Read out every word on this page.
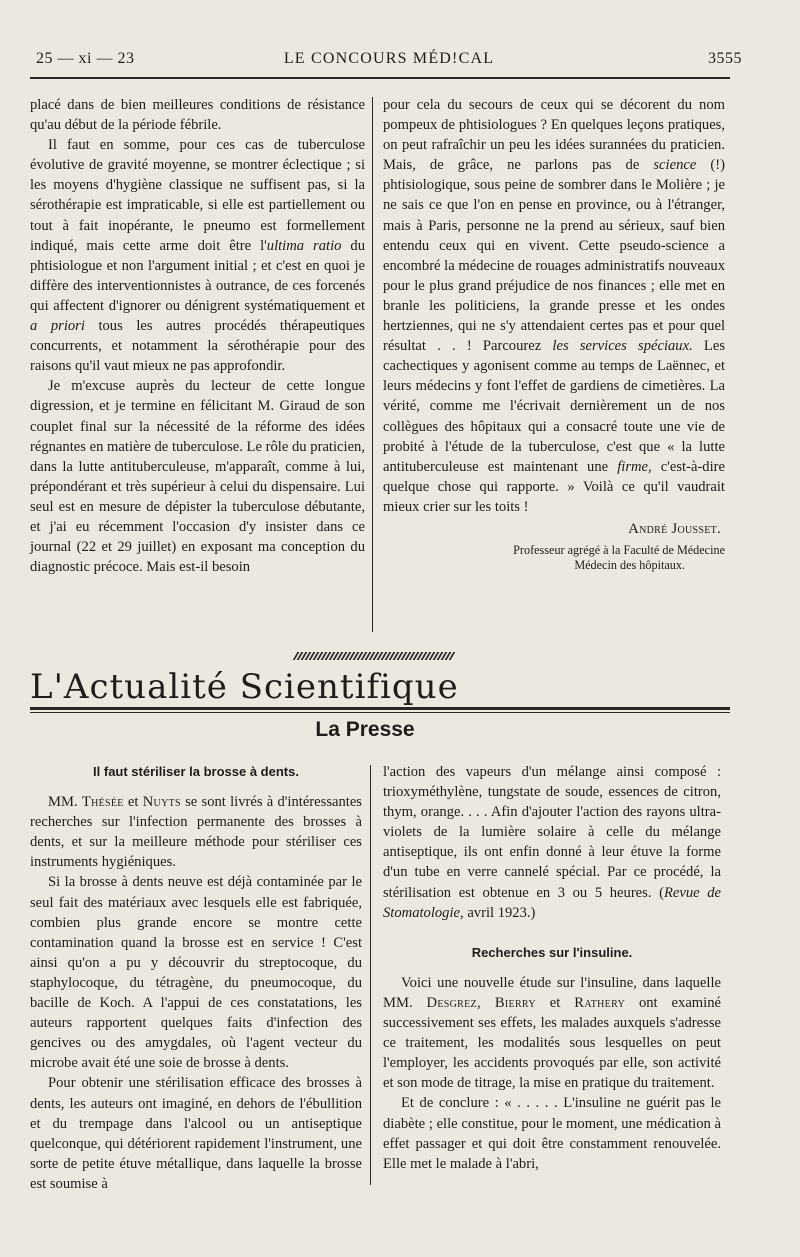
25 — xi — 23	LE CONCOURS MÉD!CAL	3555

placé dans de bien meilleures conditions de résistance qu'au début de la période fébrile.

Il faut en somme, pour ces cas de tuberculose évolutive de gravité moyenne, se montrer éclectique ; si les moyens d'hygiène classique ne suffisent pas, si la sérothérapie est impraticable, si elle est partiellement ou tout à fait inopérante, le pneumo est formellement indiqué, mais cette arme doit être l'ultima ratio du phtisiologue et non l'argument initial ; et c'est en quoi je diffère des interventionnistes à outrance, de ces forcenés qui affectent d'ignorer ou dénigrent systématiquement et a priori tous les autres procédés thérapeutiques concurrents, et notamment la sérothérapie pour des raisons qu'il vaut mieux ne pas approfondir.

Je m'excuse auprès du lecteur de cette longue digression, et je termine en félicitant M. Giraud de son couplet final sur la nécessité de la réforme des idées régnantes en matière de tuberculose. Le rôle du praticien, dans la lutte antituberculeuse, m'apparaît, comme à lui, prépondérant et très supérieur à celui du dispensaire. Lui seul est en mesure de dépister la tuberculose débutante, et j'ai eu récemment l'occasion d'y insister dans ce journal (22 et 29 juillet) en exposant ma conception du diagnostic précoce. Mais est-il besoin

pour cela du secours de ceux qui se décorent du nom pompeux de phtisiologues ? En quelques leçons pratiques, on peut rafraîchir un peu les idées surannées du praticien. Mais, de grâce, ne parlons pas de science (!) phtisiologique, sous peine de sombrer dans le Molière ; je ne sais ce que l'on en pense en province, ou à l'étranger, mais à Paris, personne ne la prend au sérieux, sauf bien entendu ceux qui en vivent. Cette pseudo-science a encombré la médecine de rouages administratifs nouveaux pour le plus grand préjudice de nos finances ; elle met en branle les politiciens, la grande presse et les ondes hertziennes, qui ne s'y attendaient certes pas et pour quel résultat . . ! Parcourez les services spéciaux. Les cachectiques y agonisent comme au temps de Laënnec, et leurs médecins y font l'effet de gardiens de cimetières. La vérité, comme me l'écrivait dernièrement un de nos collègues des hôpitaux qui a consacré toute une vie de probité à l'étude de la tuberculose, c'est que « la lutte antituberculeuse est maintenant une firme, c'est-à-dire quelque chose qui rapporte. » Voilà ce qu'il vaudrait mieux crier sur les toits !

André Jousset.
Professeur agrégé à la Faculté de Médecine
Médecin des hôpitaux.
L'Actualité Scientifique
La Presse
Il faut stériliser la brosse à dents.

MM. Thésée et Nuyts se sont livrés à d'intéressantes recherches sur l'infection permanente des brosses à dents, et sur la meilleure méthode pour stériliser ces instruments hygiéniques.

Si la brosse à dents neuve est déjà contaminée par le seul fait des matériaux avec lesquels elle est fabriquée, combien plus grande encore se montre cette contamination quand la brosse est en service ! C'est ainsi qu'on a pu y découvrir du streptocoque, du staphylocoque, du tétragène, du pneumocoque, du bacille de Koch. A l'appui de ces constatations, les auteurs rapportent quelques faits d'infection des gencives ou des amygdales, où l'agent vecteur du microbe avait été une soie de brosse à dents.

Pour obtenir une stérilisation efficace des brosses à dents, les auteurs ont imaginé, en dehors de l'ébullition et du trempage dans l'alcool ou un antiseptique quelconque, qui détériorent rapidement l'instrument, une sorte de petite étuve métallique, dans laquelle la brosse est soumise à

l'action des vapeurs d'un mélange ainsi composé : trioxyméthylène, tungstate de soude, essences de citron, thym, orange. . . . Afin d'ajouter l'action des rayons ultra-violets de la lumière solaire à celle du mélange antiseptique, ils ont enfin donné à leur étuve la forme d'un tube en verre cannelé spécial. Par ce procédé, la stérilisation est obtenue en 3 ou 5 heures. (Revue de Stomatologie, avril 1923.)

Recherches sur l'insuline.

Voici une nouvelle étude sur l'insuline, dans laquelle MM. Desgrez, Bierry et Rathery ont examiné successivement ses effets, les malades auxquels s'adresse ce traitement, les modalités sous lesquelles on peut l'employer, les accidents provoqués par elle, son activité et son mode de titrage, la mise en pratique du traitement.

Et de conclure : « . . . . . L'insuline ne guérit pas le diabète ; elle constitue, pour le moment, une médication à effet passager et qui doit être constamment renouvelée. Elle met le malade à l'abri,
